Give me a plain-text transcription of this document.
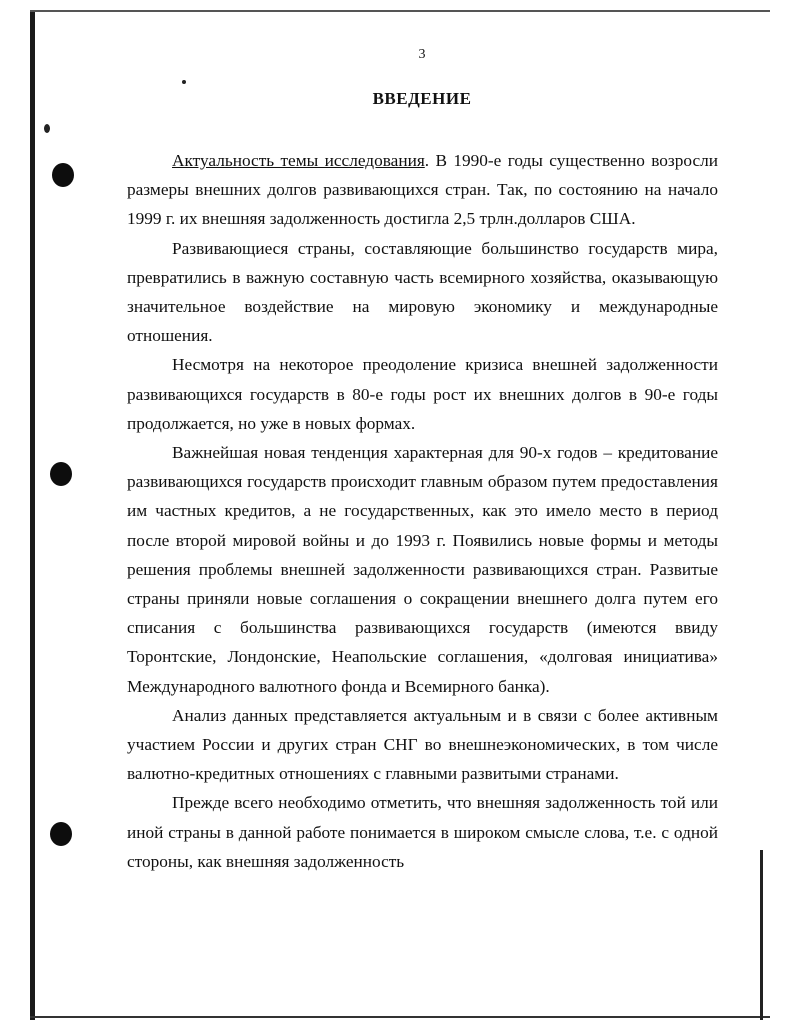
3
ВВЕДЕНИЕ

Актуальность темы исследования. В 1990-е годы существенно возросли размеры внешних долгов развивающихся стран. Так, по состоянию на начало 1999 г. их внешняя задолженность достигла 2,5 трлн.долларов США.

Развивающиеся страны, составляющие большинство государств мира, превратились в важную составную часть всемирного хозяйства, оказывающую значительное воздействие на мировую экономику и международные отношения.

Несмотря на некоторое преодоление кризиса внешней задолженности развивающихся государств в 80-е годы рост их внешних долгов в 90-е годы продолжается, но уже в новых формах.

Важнейшая новая тенденция характерная для 90-х годов – кредитование развивающихся государств происходит главным образом путем предоставления им частных кредитов, а не государственных, как это имело место в период после второй мировой войны и до 1993 г. Появились новые формы и методы решения проблемы внешней задолженности развивающихся стран. Развитые страны приняли новые соглашения о сокращении внешнего долга путем его списания с большинства развивающихся государств (имеются ввиду Торонтские, Лондонские, Неапольские соглашения, «долговая инициатива» Международного валютного фонда и Всемирного банка).

Анализ данных представляется актуальным и в связи с более активным участием России и других стран СНГ во внешнеэкономических, в том числе валютно-кредитных отношениях с главными развитыми странами.

Прежде всего необходимо отметить, что внешняя задолженность той или иной страны в данной работе понимается в широком смысле слова, т.е. с одной стороны, как внешняя задолженность
